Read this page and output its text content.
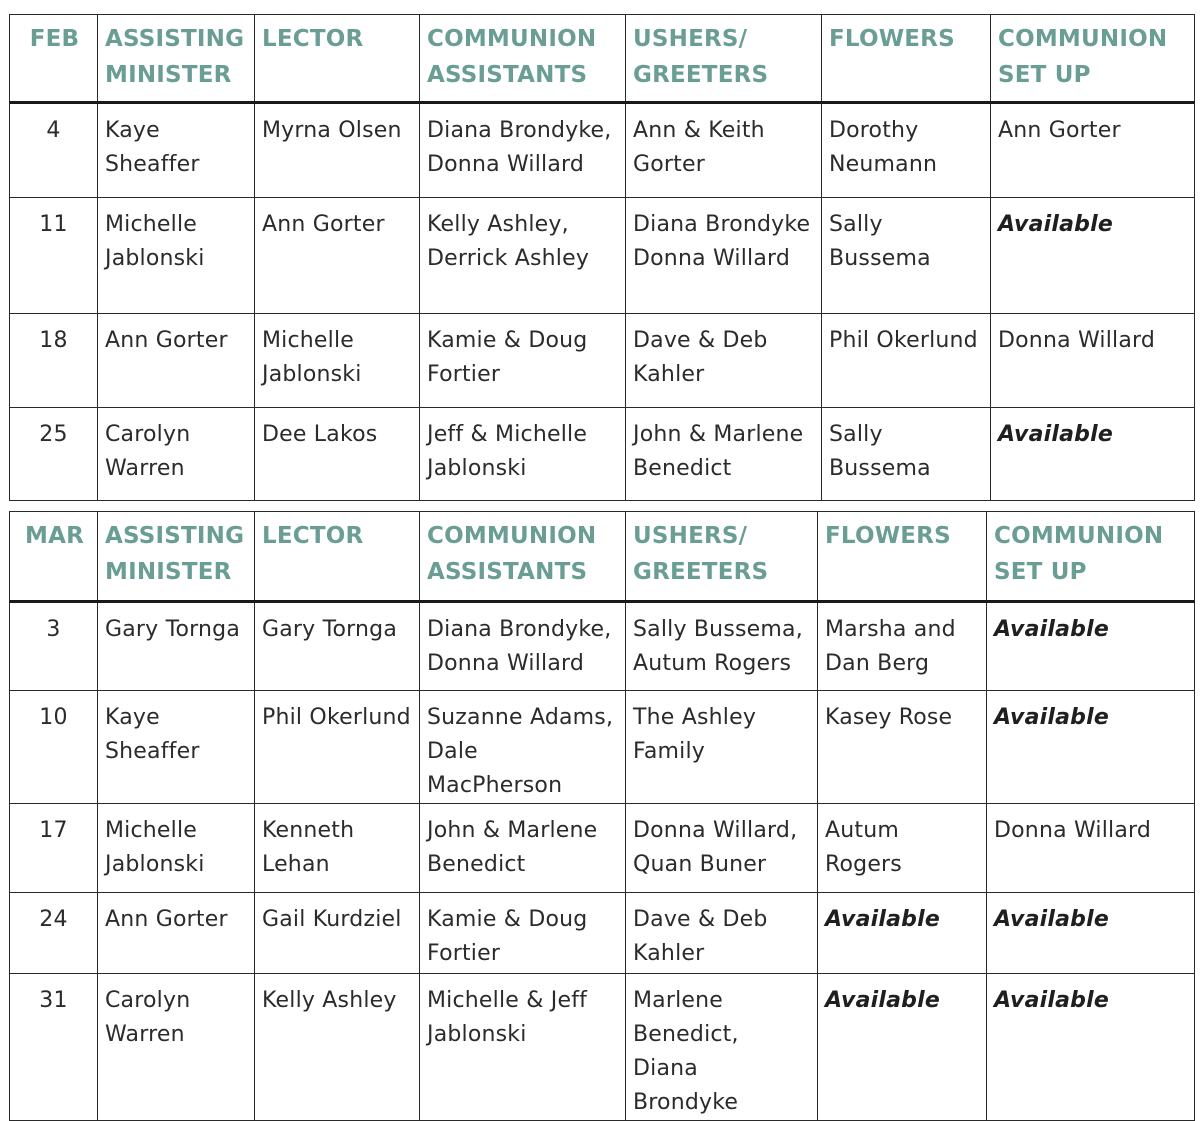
FEB	ASSISTING MINISTER	LECTOR	COMMUNION ASSISTANTS	USHERS/ GREETERS	FLOWERS	COMMUNION SET UP
4	Kaye Sheaffer	Myrna Olsen	Diana Brondyke, Donna Willard	Ann & Keith Gorter	Dorothy Neumann	Ann Gorter
11	Michelle Jablonski	Ann Gorter	Kelly Ashley, Derrick Ashley	Diana Brondyke Donna Willard	Sally Bussema	Available
18	Ann Gorter	Michelle Jablonski	Kamie & Doug Fortier	Dave & Deb Kahler	Phil Okerlund	Donna Willard
25	Carolyn Warren	Dee Lakos	Jeff & Michelle Jablonski	John & Marlene Benedict	Sally Bussema	Available
MAR	ASSISTING MINISTER	LECTOR	COMMUNION ASSISTANTS	USHERS/ GREETERS	FLOWERS	COMMUNION SET UP
3	Gary Tornga	Gary Tornga	Diana Brondyke, Donna Willard	Sally Bussema, Autum Rogers	Marsha and Dan Berg	Available
10	Kaye Sheaffer	Phil Okerlund	Suzanne Adams, Dale MacPherson	The Ashley Family	Kasey Rose	Available
17	Michelle Jablonski	Kenneth Lehan	John & Marlene Benedict	Donna Willard, Quan Buner	Autum Rogers	Donna Willard
24	Ann Gorter	Gail Kurdziel	Kamie & Doug Fortier	Dave & Deb Kahler	Available	Available
31	Carolyn Warren	Kelly Ashley	Michelle & Jeff Jablonski	Marlene Benedict, Diana Brondyke	Available	Available
